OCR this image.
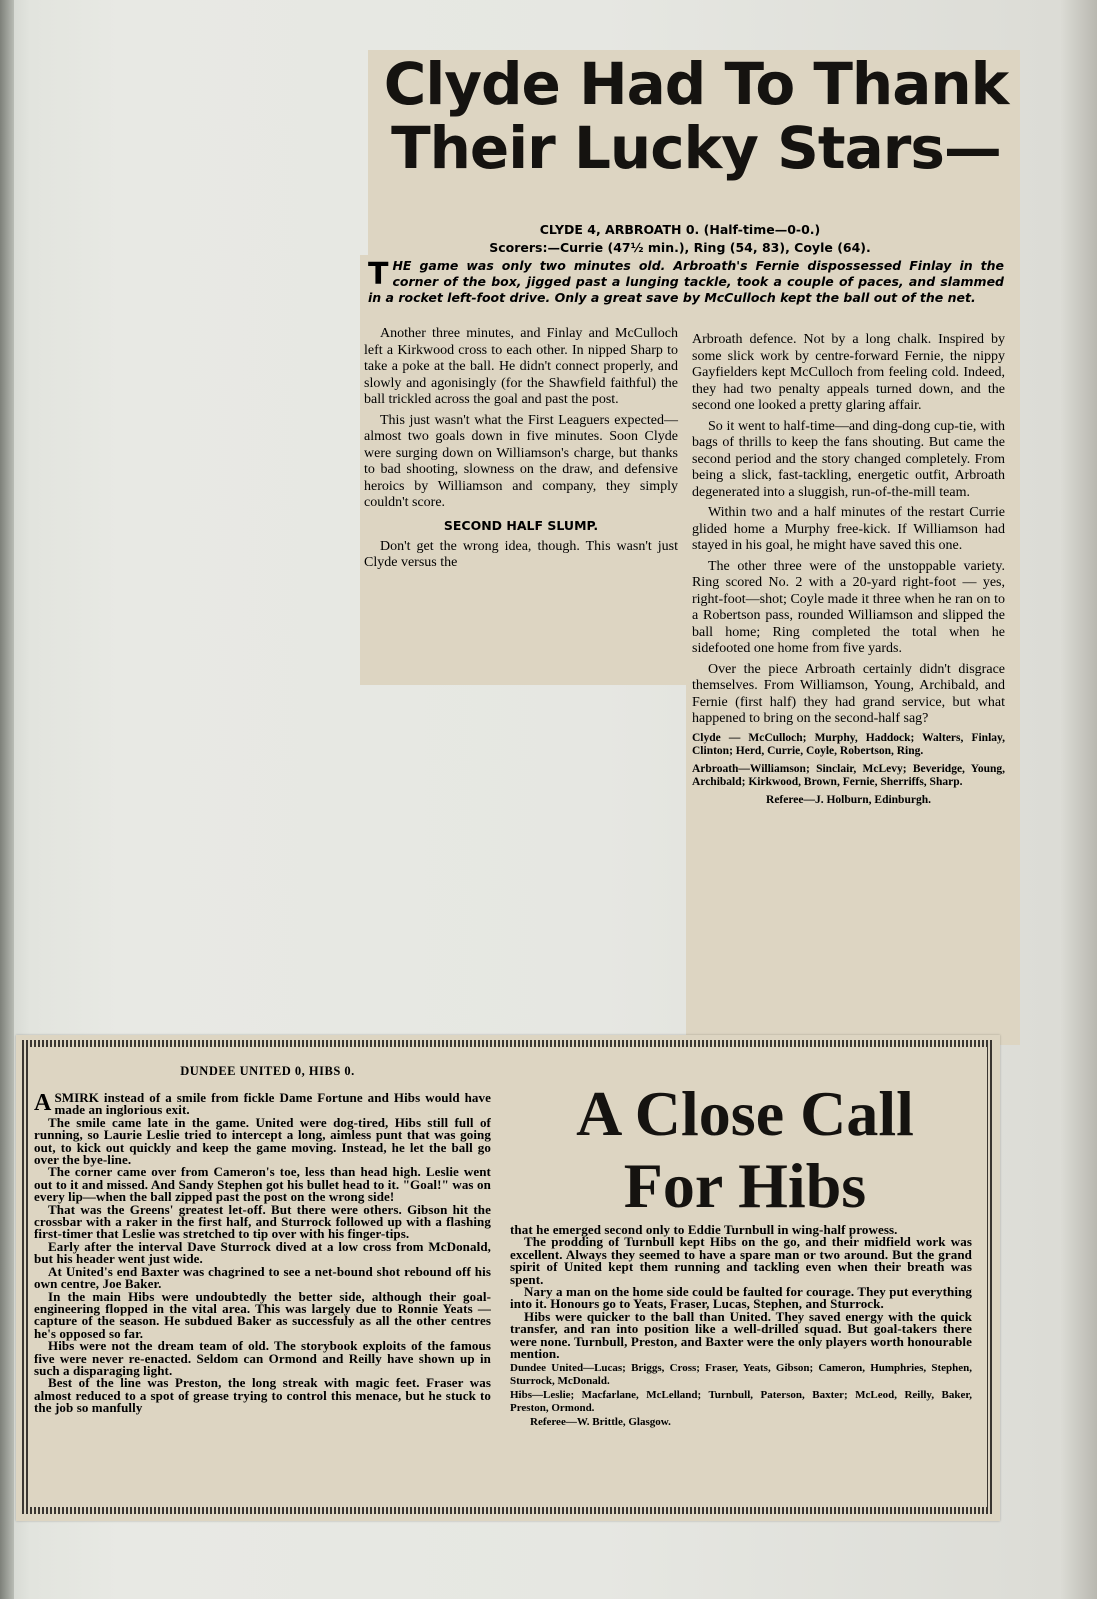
Clyde Had To Thank Their Lucky Stars—

CLYDE 4, ARBROATH 0. (Half-time—0-0.)

Scorers:—Currie (47½ min.), Ring (54, 83), Coyle (64).

THE game was only two minutes old. Arbroath's Fernie dispossessed Finlay in the corner of the box, jigged past a lunging tackle, took a couple of paces, and slammed in a rocket left-foot drive. Only a great save by McCulloch kept the ball out of the net.

Another three minutes, and Finlay and McCulloch left a Kirkwood cross to each other. In nipped Sharp to take a poke at the ball. He didn't connect properly, and slowly and agonisingly (for the Shawfield faithful) the ball trickled across the goal and past the post.

This just wasn't what the First Leaguers expected—almost two goals down in five minutes. Soon Clyde were surging down on Williamson's charge, but thanks to bad shooting, slowness on the draw, and defensive heroics by Williamson and company, they simply couldn't score.

SECOND HALF SLUMP.

Don't get the wrong idea, though. This wasn't just Clyde versus the

Arbroath defence. Not by a long chalk. Inspired by some slick work by centre-forward Fernie, the nippy Gayfielders kept McCulloch from feeling cold. Indeed, they had two penalty appeals turned down, and the second one looked a pretty glaring affair.

So it went to half-time—and ding-dong cup-tie, with bags of thrills to keep the fans shouting. But came the second period and the story changed completely. From being a slick, fast-tackling, energetic outfit, Arbroath degenerated into a sluggish, run-of-the-mill team.

Within two and a half minutes of the restart Currie glided home a Murphy free-kick. If Williamson had stayed in his goal, he might have saved this one.

The other three were of the unstoppable variety. Ring scored No. 2 with a 20-yard right-foot — yes, right-foot—shot; Coyle made it three when he ran on to a Robertson pass, rounded Williamson and slipped the ball home; Ring completed the total when he sidefooted one home from five yards.

Over the piece Arbroath certainly didn't disgrace themselves. From Williamson, Young, Archibald, and Fernie (first half) they had grand service, but what happened to bring on the second-half sag?

Clyde — McCulloch; Murphy, Haddock; Walters, Finlay, Clinton; Herd, Currie, Coyle, Robertson, Ring.

Arbroath—Williamson; Sinclair, McLevy; Beveridge, Young, Archibald; Kirkwood, Brown, Fernie, Sherriffs, Sharp.

Referee—J. Holburn, Edinburgh.

DUNDEE UNITED 0, HIBS 0.

ASMIRK instead of a smile from fickle Dame Fortune and Hibs would have made an inglorious exit.

The smile came late in the game. United were dog-tired, Hibs still full of running, so Laurie Leslie tried to intercept a long, aimless punt that was going out, to kick out quickly and keep the game moving. Instead, he let the ball go over the bye-line.

The corner came over from Cameron's toe, less than head high. Leslie went out to it and missed. And Sandy Stephen got his bullet head to it. "Goal!" was on every lip—when the ball zipped past the post on the wrong side!

That was the Greens' greatest let-off. But there were others. Gibson hit the crossbar with a raker in the first half, and Sturrock followed up with a flashing first-timer that Leslie was stretched to tip over with his finger-tips.

Early after the interval Dave Sturrock dived at a low cross from McDonald, but his header went just wide.

At United's end Baxter was chagrined to see a net-bound shot rebound off his own centre, Joe Baker.

In the main Hibs were undoubtedly the better side, although their goal-engineering flopped in the vital area. This was largely due to Ronnie Yeats — capture of the season. He subdued Baker as successfuly as all the other centres he's opposed so far.

Hibs were not the dream team of old. The storybook exploits of the famous five were never re-enacted. Seldom can Ormond and Reilly have shown up in such a disparaging light.

Best of the line was Preston, the long streak with magic feet. Fraser was almost reduced to a spot of grease trying to control this menace, but he stuck to the job so manfully

A Close Call
For Hibs

that he emerged second only to Eddie Turnbull in wing-half prowess.

The prodding of Turnbull kept Hibs on the go, and their midfield work was excellent. Always they seemed to have a spare man or two around. But the grand spirit of United kept them running and tackling even when their breath was spent.

Nary a man on the home side could be faulted for courage. They put everything into it. Honours go to Yeats, Fraser, Lucas, Stephen, and Sturrock.

Hibs were quicker to the ball than United. They saved energy with the quick transfer, and ran into position like a well-drilled squad. But goal-takers there were none. Turnbull, Preston, and Baxter were the only players worth honourable mention.

Dundee United—Lucas; Briggs, Cross; Fraser, Yeats, Gibson; Cameron, Humphries, Stephen, Sturrock, McDonald.

Hibs—Leslie; Macfarlane, McLelland; Turnbull, Paterson, Baxter; McLeod, Reilly, Baker, Preston, Ormond.

Referee—W. Brittle, Glasgow.
